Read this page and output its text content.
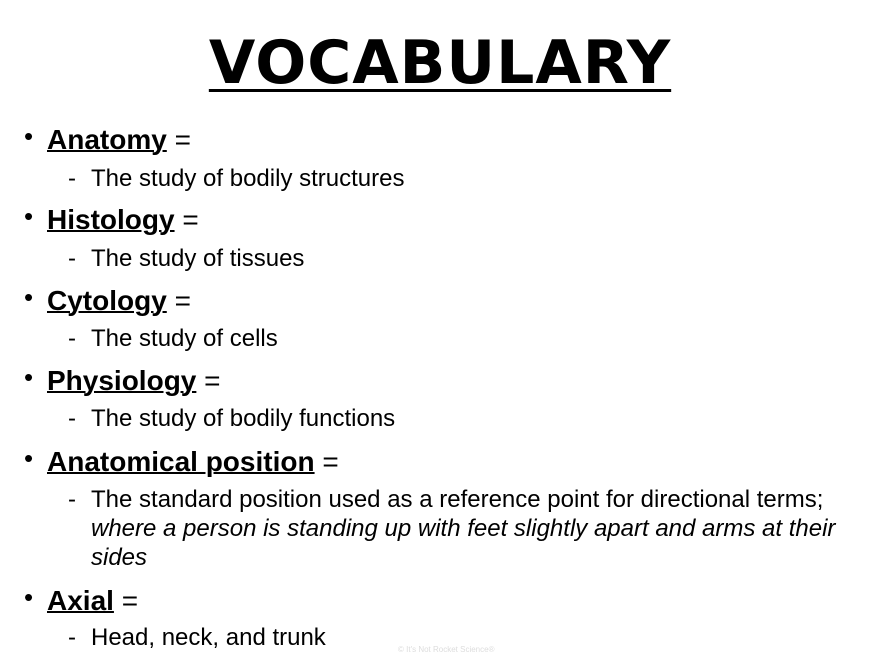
VOCABULARY
• Anatomy =
- The study of bodily structures
• Histology =
- The study of tissues
• Cytology =
- The study of cells
• Physiology =
- The study of bodily functions
• Anatomical position =
- The standard position used as a reference point for directional terms; where a person is standing up with feet slightly apart and arms at their sides
• Axial =
- Head, neck, and trunk	© It's Not Rocket Science®
